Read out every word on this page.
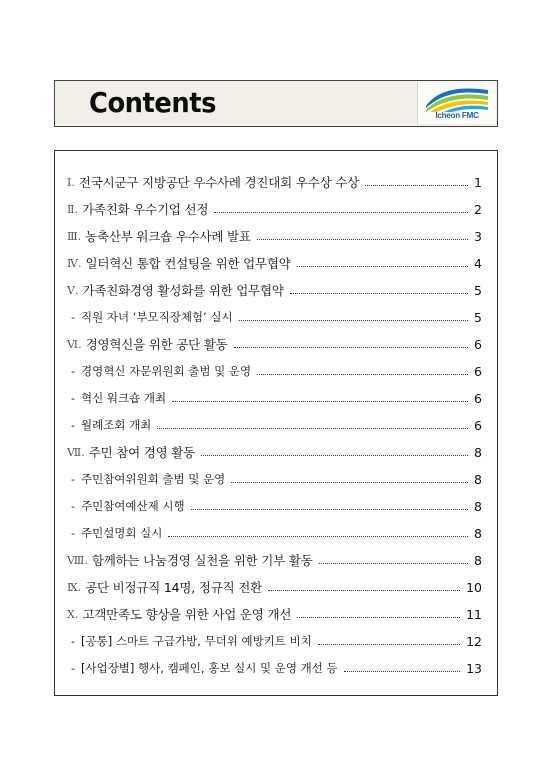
Contents	Icheon FMC
Ⅰ. 전국시군구 지방공단 우수사례 경진대회 우수상 수상	1
Ⅱ. 가족친화 우수기업 선정	2
Ⅲ. 농축산부 워크숍 우수사례 발표	3
Ⅳ. 일터혁신 통합 컨설팅을 위한 업무협약	4
Ⅴ. 가족친화경영 활성화를 위한 업무협약	5
- 직원 자녀 ‘부모직장체험’ 실시	5
Ⅵ. 경영혁신을 위한 공단 활동	6
- 경영혁신 자문위원회 출범 및 운영	6
- 혁신 워크숍 개최	6
- 월례조회 개최	6
Ⅶ. 주민 참여 경영 활동	8
- 주민참여위원회 출범 및 운영	8
- 주민참여예산제 시행	8
- 주민설명회 실시	8
Ⅷ. 함께하는 나눔경영 실천을 위한 기부 활동	8
Ⅸ. 공단 비정규직 14명, 정규직 전환	10
Ⅹ. 고객만족도 향상을 위한 사업 운영 개선	11
- [공통] 스마트 구급가방, 무더위 예방키트 비치	12
- [사업장별] 행사, 캠페인, 홍보 실시 및 운영 개선 등	13
